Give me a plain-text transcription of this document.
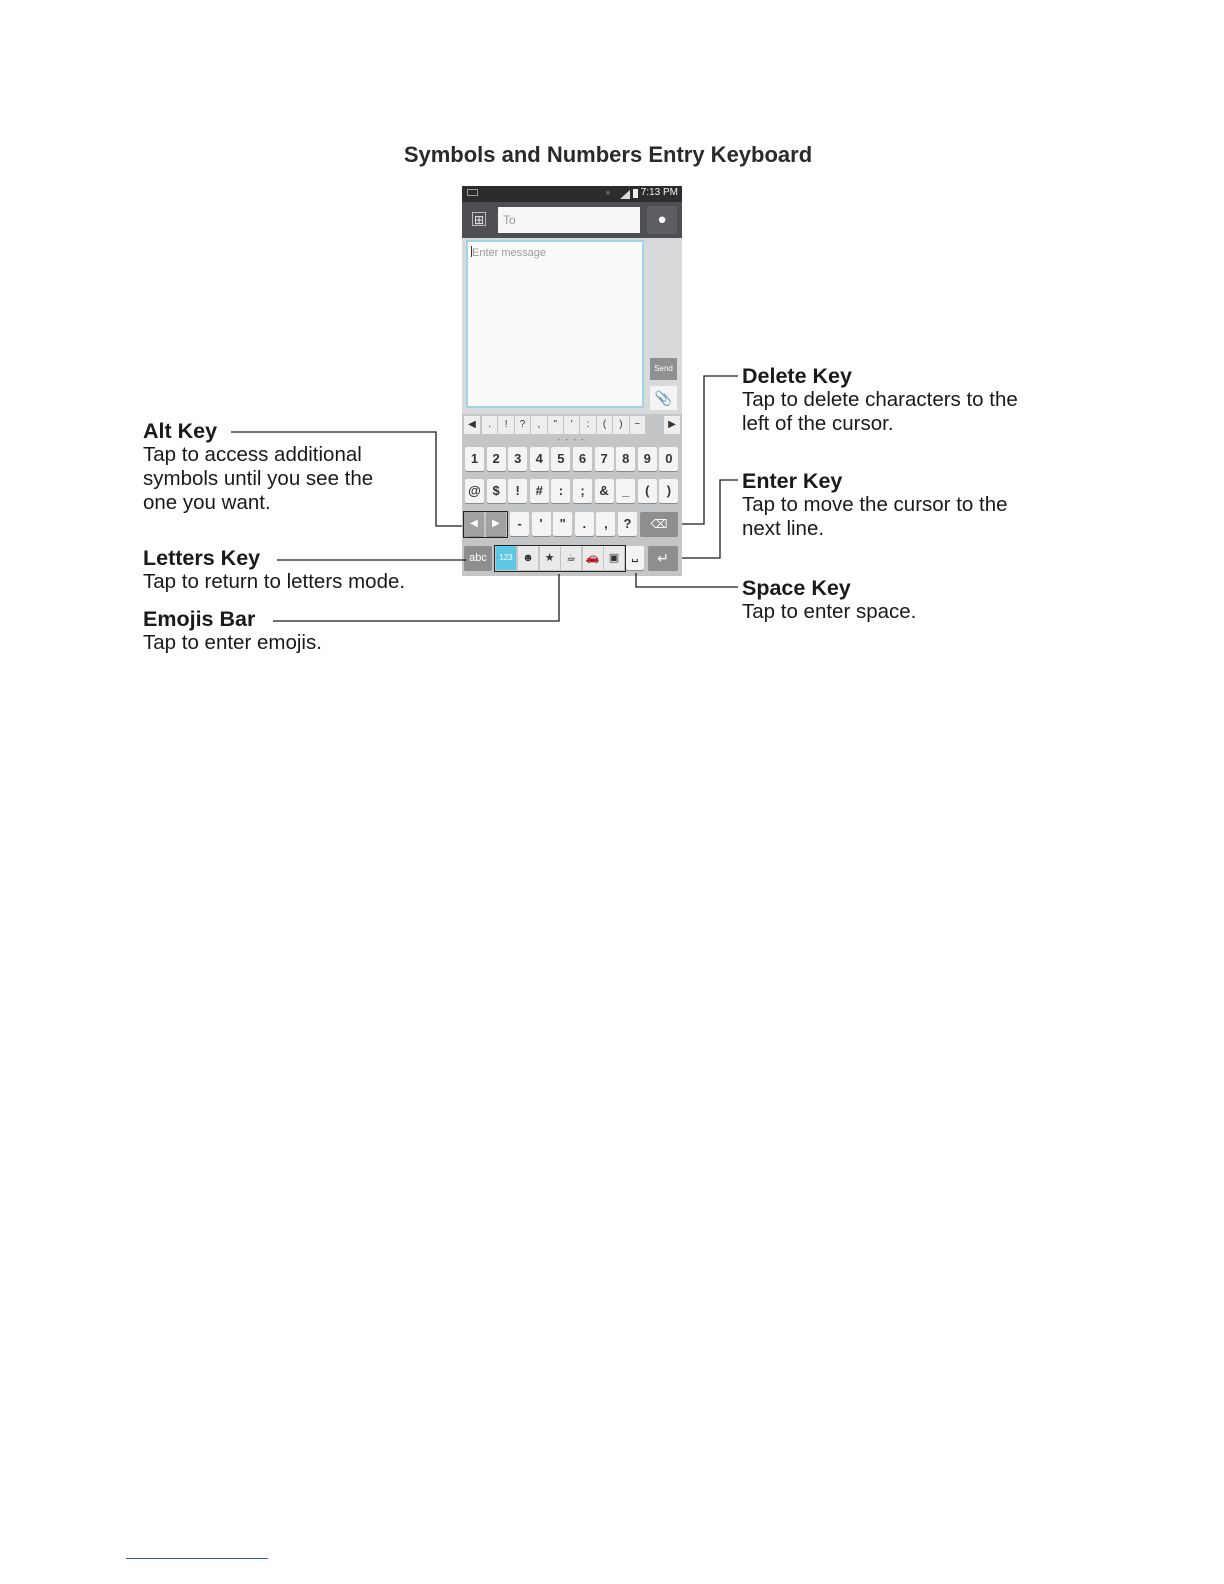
Symbols and Numbers Entry Keyboard
»	7:13 PM
⊞	To	●
Enter message
Send
📎
◀	.	!	?	,	"	'	:	(	)	~	▶
• • • •
1	2	3	4	5	6	7	8	9	0
@ $	!	#	:	;	&	_	(	)
-	'	"	.	,	?
◀	▶	⌫
abc	123 ☻ ★	☕ 🚗 ▣	␣	↵
Alt Key
Tap to access additional
symbols until you see the
one you want.
Letters Key
Tap to return to letters mode.
Emojis Bar
Tap to enter emojis.
Delete Key
Tap to delete characters to the
left of the cursor.
Enter Key
Tap to move the cursor to the
next line.
Space Key
Tap to enter space.
